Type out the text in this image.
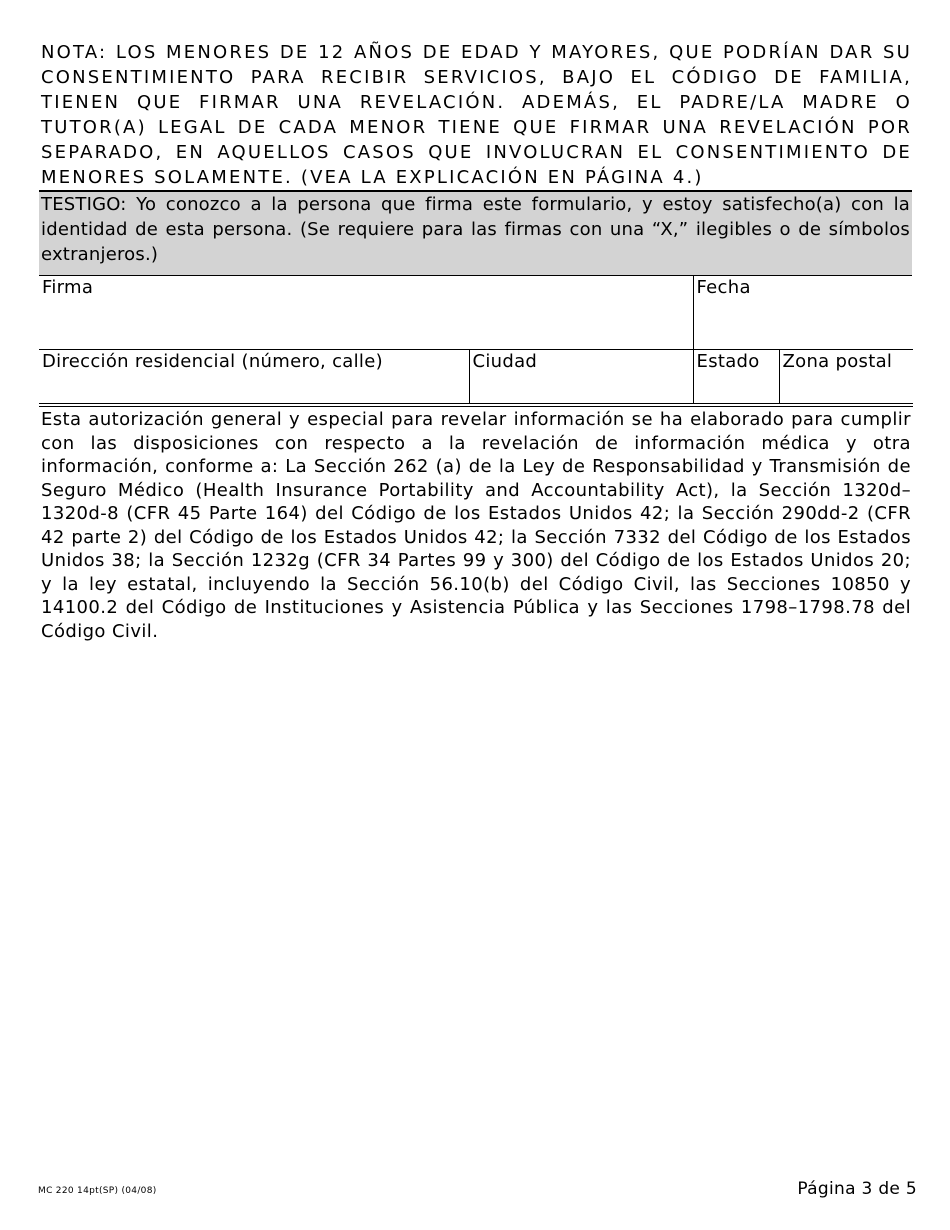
NOTA: LOS MENORES DE 12 AÑOS DE EDAD Y MAYORES, QUE PODRÍAN DAR SU CONSENTIMIENTO PARA RECIBIR SERVICIOS, BAJO EL CÓDIGO DE FAMILIA, TIENEN QUE FIRMAR UNA REVELACIÓN. ADEMÁS, EL PADRE/LA MADRE O TUTOR(A) LEGAL DE CADA MENOR TIENE QUE FIRMAR UNA REVELACIÓN POR SEPARADO, EN AQUELLOS CASOS QUE INVOLUCRAN EL CONSENTIMIENTO DE MENORES SOLAMENTE. (VEA LA EXPLICACIÓN EN PÁGINA 4.)

TESTIGO: Yo conozco a la persona que firma este formulario, y estoy satisfecho(a) con la identidad de esta persona. (Se requiere para las firmas con una “X,” ilegibles o de símbolos extranjeros.)
Firma		Fecha	
Dirección residencial (número, calle)	Ciudad	Estado	Zona postal

Esta autorización general y especial para revelar información se ha elaborado para cumplir con las disposiciones con respecto a la revelación de información médica y otra información, conforme a: La Sección 262 (a) de la Ley de Responsabilidad y Transmisión de Seguro Médico (Health Insurance Portability and Accountability Act), la Sección 1320d–1320d-8 (CFR 45 Parte 164) del Código de los Estados Unidos 42; la Sección 290dd-2 (CFR 42 parte 2) del Código de los Estados Unidos 42; la Sección 7332 del Código de los Estados Unidos 38; la Sección 1232g (CFR 34 Partes 99 y 300) del Código de los Estados Unidos 20; y la ley estatal, incluyendo la Sección 56.10(b) del Código Civil, las Secciones 10850 y 14100.2 del Código de Instituciones y Asistencia Pública y las Secciones 1798–1798.78 del Código Civil.

MC 220 14pt(SP) (04/08)	Página 3 de 5
